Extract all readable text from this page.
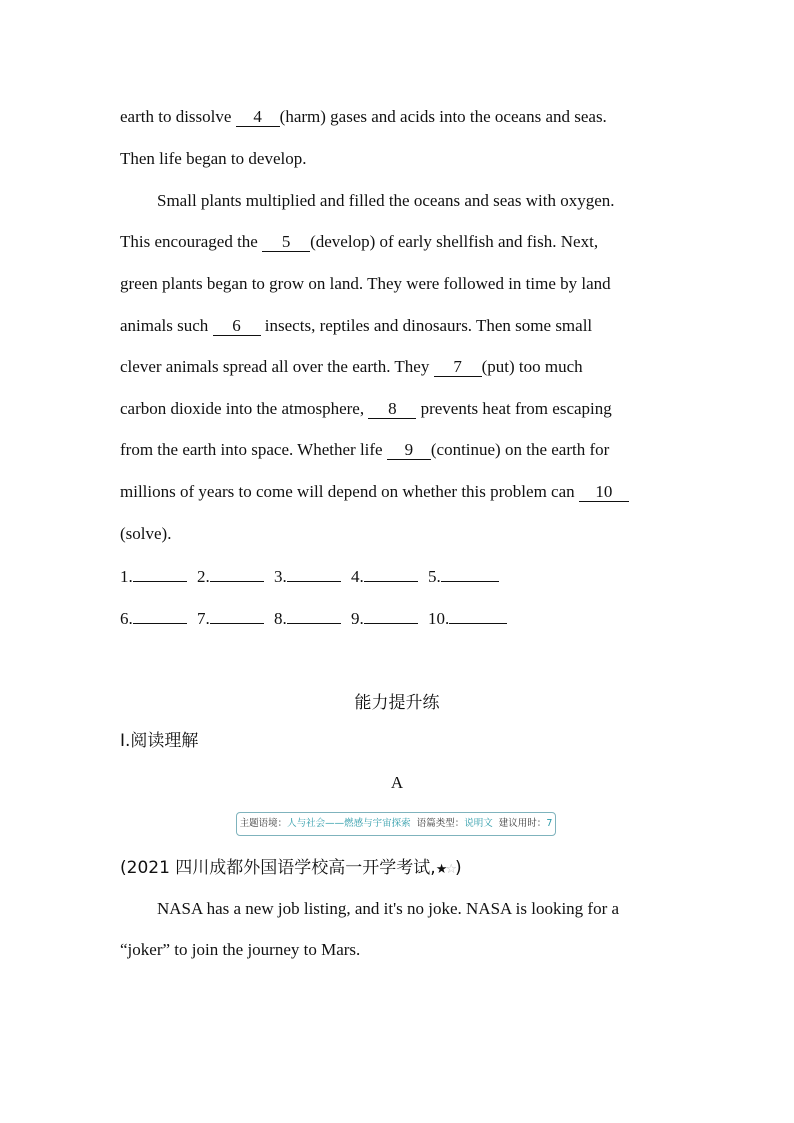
earth to dissolve 4 (harm) gases and acids into the oceans and seas.
Then life began to develop.
Small plants multiplied and filled the oceans and seas with oxygen.
This encouraged the 5 (develop) of early shellfish and fish. Next,
green plants began to grow on land. They were followed in time by land
animals such 6 insects, reptiles and dinosaurs. Then some small
clever animals spread all over the earth. They 7 (put) too much
carbon dioxide into the atmosphere, 8 prevents heat from escaping
from the earth into space. Whether life 9 (continue) on the earth for
millions of years to come will depend on whether this problem can 10
(solve).
1.	2.	3.	4.	5.
6.	7.	8.	9.	10.
能力提升练
Ⅰ.阅读理解
A
主题语境：人与社会——燃感与宇宙探索 语篇类型：说明文 建议用时：7
(2021 四川成都外国语学校高一开学考试,★☆)
NASA has a new job listing, and it's no joke. NASA is looking for a
“joker” to join the journey to Mars.
